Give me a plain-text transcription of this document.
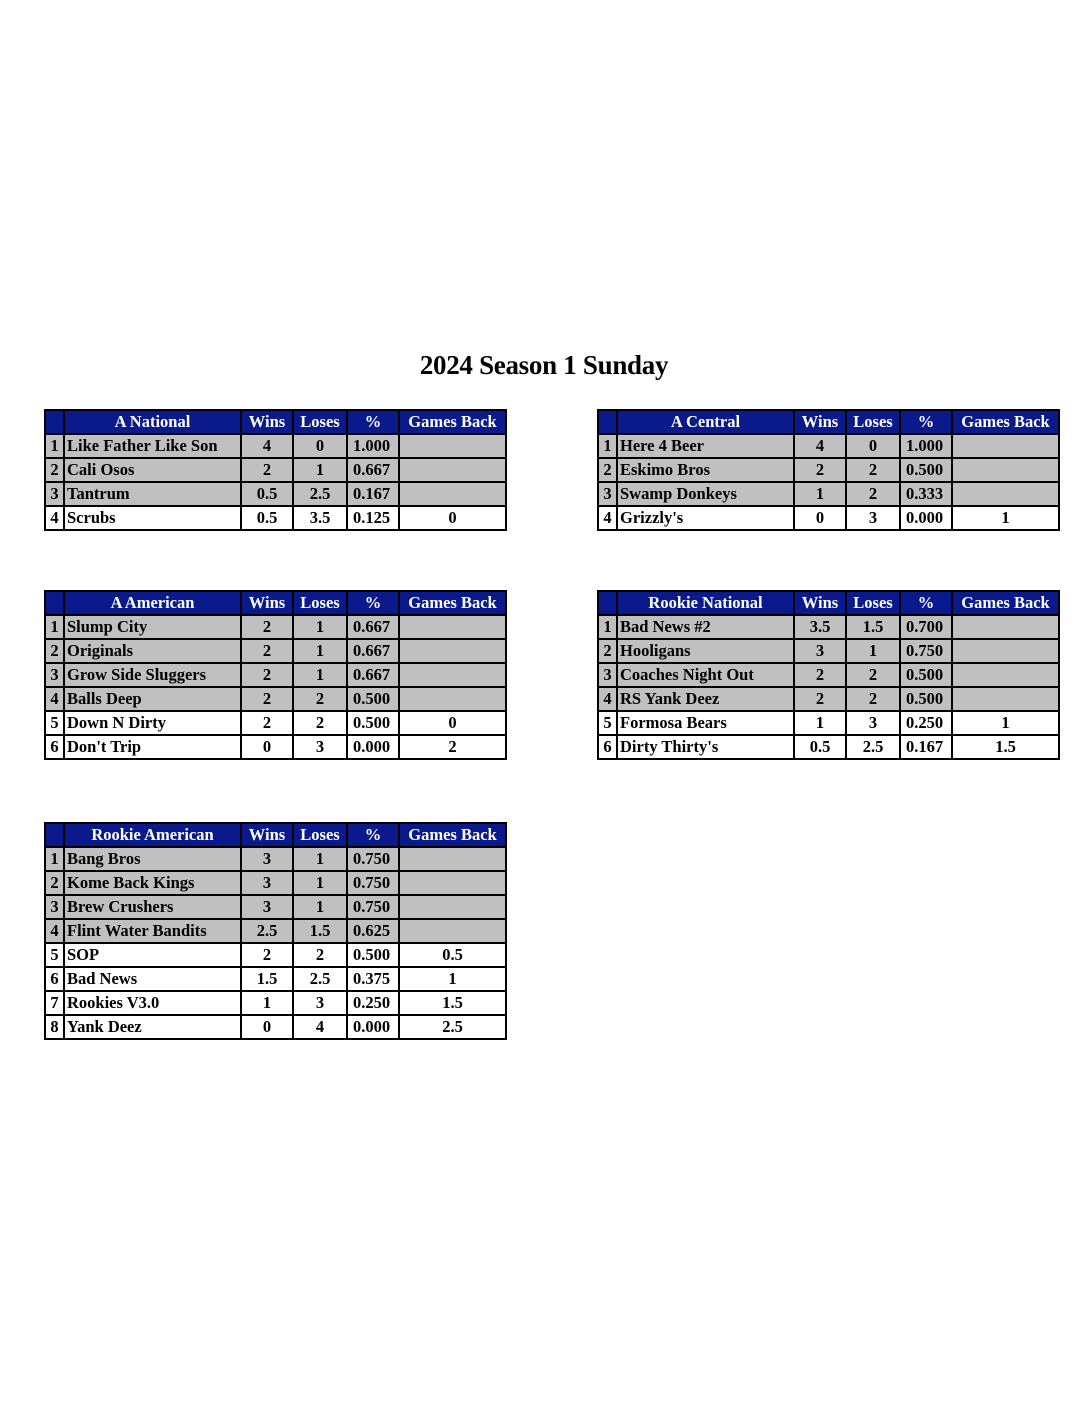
2024 Season 1 Sunday
	A National	Wins	Loses	%	Games Back
1	Like Father Like Son	4	0	1.000	
2	Cali Osos	2	1	0.667	
3	Tantrum	0.5	2.5	0.167	
4	Scrubs	0.5	3.5	0.125	0
	A Central	Wins	Loses	%	Games Back
1	Here 4 Beer	4	0	1.000	
2	Eskimo Bros	2	2	0.500	
3	Swamp Donkeys	1	2	0.333	
4	Grizzly's	0	3	0.000	1
	A American	Wins	Loses	%	Games Back
1	Slump City	2	1	0.667	
2	Originals	2	1	0.667	
3	Grow Side Sluggers	2	1	0.667	
4	Balls Deep	2	2	0.500	
5	Down N Dirty	2	2	0.500	0
6	Don't Trip	0	3	0.000	2
	Rookie National	Wins	Loses	%	Games Back
1	Bad News #2	3.5	1.5	0.700	
2	Hooligans	3	1	0.750	
3	Coaches Night Out	2	2	0.500	
4	RS Yank Deez	2	2	0.500	
5	Formosa Bears	1	3	0.250	1
6	Dirty Thirty's	0.5	2.5	0.167	1.5
	Rookie American	Wins	Loses	%	Games Back
1	Bang Bros	3	1	0.750	
2	Kome Back Kings	3	1	0.750	
3	Brew Crushers	3	1	0.750	
4	Flint Water Bandits	2.5	1.5	0.625	
5	SOP	2	2	0.500	0.5
6	Bad News	1.5	2.5	0.375	1
7	Rookies V3.0	1	3	0.250	1.5
8	Yank Deez	0	4	0.000	2.5
